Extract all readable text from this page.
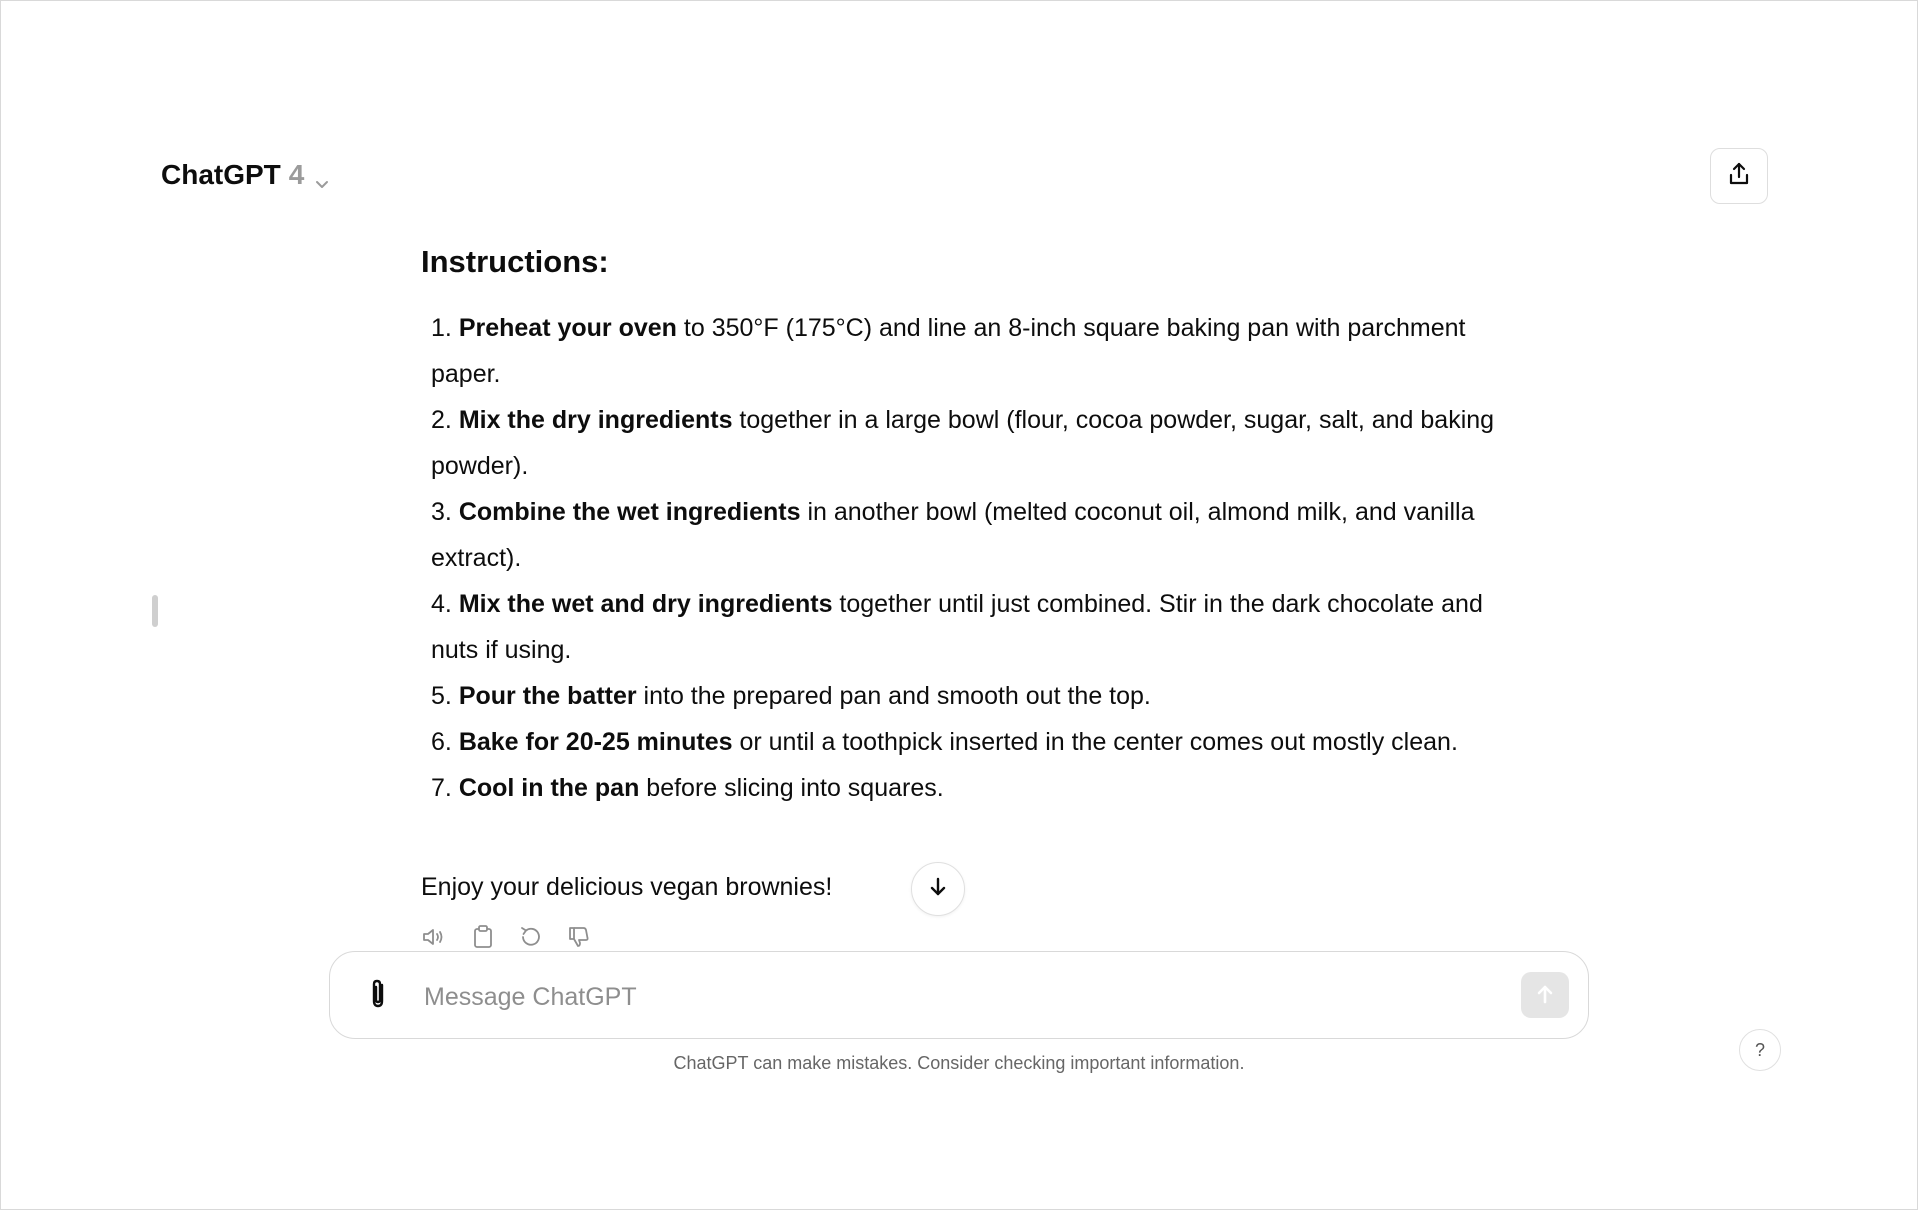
ChatGPT 4
Instructions:
1. Preheat your oven to 350°F (175°C) and line an 8-inch square baking pan with parchment paper.
2. Mix the dry ingredients together in a large bowl (flour, cocoa powder, sugar, salt, and baking powder).
3. Combine the wet ingredients in another bowl (melted coconut oil, almond milk, and vanilla extract).
4. Mix the wet and dry ingredients together until just combined. Stir in the dark chocolate and nuts if using.
5. Pour the batter into the prepared pan and smooth out the top.
6. Bake for 20-25 minutes or until a toothpick inserted in the center comes out mostly clean.
7. Cool in the pan before slicing into squares.
Enjoy your delicious vegan brownies!
Message ChatGPT
ChatGPT can make mistakes. Consider checking important information.
?
